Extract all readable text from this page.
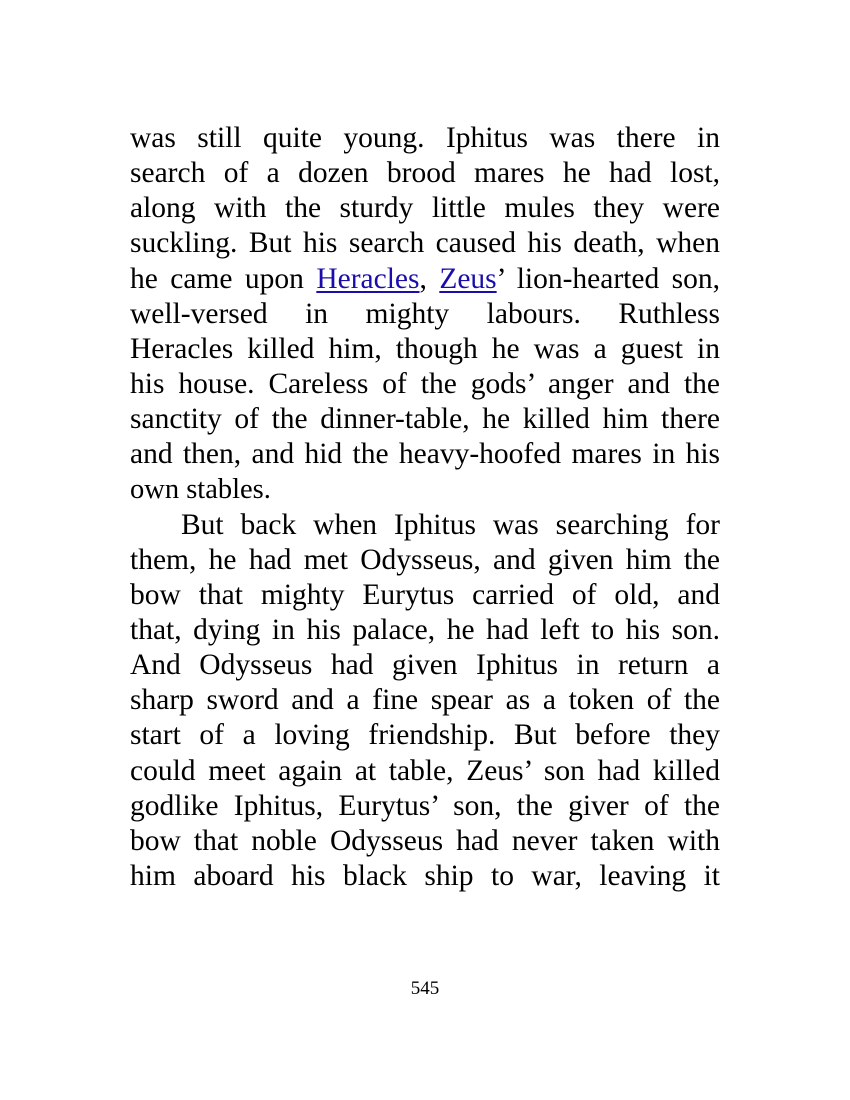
was still quite young. Iphitus was there in
search of a dozen brood mares he had lost,
along with the sturdy little mules they were
suckling. But his search caused his death, when
he came upon Heracles, Zeus’ lion-hearted son,
well-versed in mighty labours. Ruthless
Heracles killed him, though he was a guest in
his house. Careless of the gods’ anger and the
sanctity of the dinner-table, he killed him there
and then, and hid the heavy-hoofed mares in his
own stables.
But back when Iphitus was searching for
them, he had met Odysseus, and given him the
bow that mighty Eurytus carried of old, and
that, dying in his palace, he had left to his son.
And Odysseus had given Iphitus in return a
sharp sword and a fine spear as a token of the
start of a loving friendship. But before they
could meet again at table, Zeus’ son had killed
godlike Iphitus, Eurytus’ son, the giver of the
bow that noble Odysseus had never taken with
him aboard his black ship to war, leaving it
545
